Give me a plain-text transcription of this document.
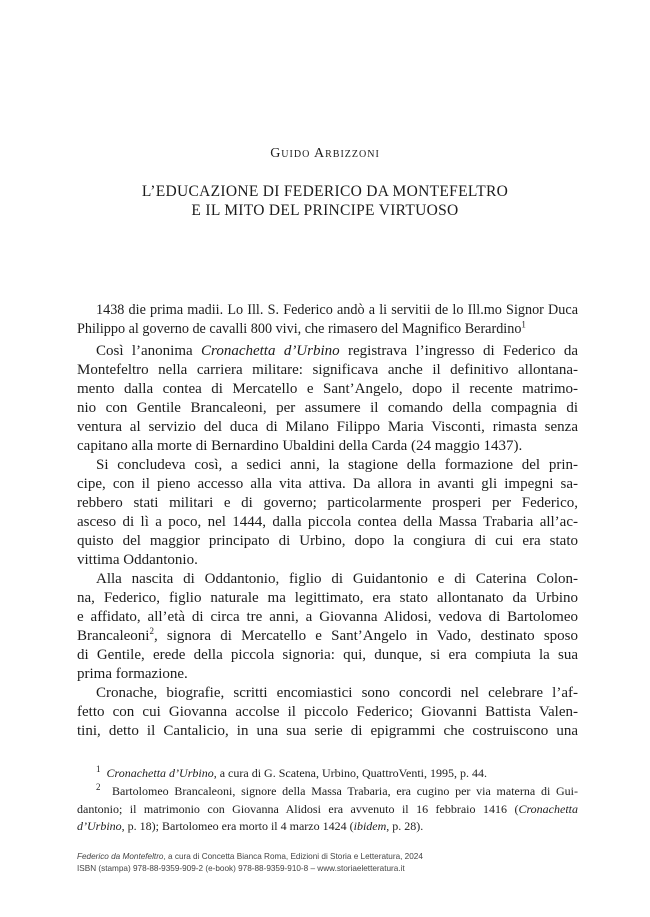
Guido Arbizzoni
L’EDUCAZIONE DI FEDERICO DA MONTEFELTRO
E IL MITO DEL PRINCIPE VIRTUOSO
1438 die prima madii. Lo Ill. S. Federico andò a li servitii de lo Ill.mo Signor Duca
Philippo al governo de cavalli 800 vivi, che rimasero del Magnifico Berardino$^1$
Così l’anonima Cronachetta d’Urbino registrava l’ingresso di Federico da
Montefeltro nella carriera militare: significava anche il definitivo allontana-
mento dalla contea di Mercatello e Sant’Angelo, dopo il recente matrimo-
nio con Gentile Brancaleoni, per assumere il comando della compagnia di
ventura al servizio del duca di Milano Filippo Maria Visconti, rimasta senza
capitano alla morte di Bernardino Ubaldini della Carda (24 maggio 1437).
Si concludeva così, a sedici anni, la stagione della formazione del prin-
cipe, con il pieno accesso alla vita attiva. Da allora in avanti gli impegni sa-
rebbero stati militari e di governo; particolarmente prosperi per Federico,
asceso di lì a poco, nel 1444, dalla piccola contea della Massa Trabaria all’ac-
quisto del maggior principato di Urbino, dopo la congiura di cui era stato
vittima Oddantonio.
Alla nascita di Oddantonio, figlio di Guidantonio e di Caterina Colon-
na, Federico, figlio naturale ma legittimato, era stato allontanato da Urbino
e affidato, all’età di circa tre anni, a Giovanna Alidosi, vedova di Bartolomeo
Brancaleoni$^2$, signora di Mercatello e Sant’Angelo in Vado, destinato sposo
di Gentile, erede della piccola signoria: qui, dunque, si era compiuta la sua
prima formazione.
Cronache, biografie, scritti encomiastici sono concordi nel celebrare l’af-
fetto con cui Giovanna accolse il piccolo Federico; Giovanni Battista Valen-
tini, detto il Cantalicio, in una sua serie di epigrammi che costruiscono una
$^1$ Cronachetta d’Urbino, a cura di G. Scatena, Urbino, QuattroVenti, 1995, p. 44.
$^2$ Bartolomeo Brancaleoni, signore della Massa Trabaria, era cugino per via materna di Gui-
dantonio; il matrimonio con Giovanna Alidosi era avvenuto il 16 febbraio 1416 (Cronachetta
d’Urbino, p. 18); Bartolomeo era morto il 4 marzo 1424 (ibidem, p. 28).
Federico da Montefeltro, a cura di Concetta Bianca Roma, Edizioni di Storia e Letteratura, 2024
ISBN (stampa) 978-88-9359-909-2 (e-book) 978-88-9359-910-8 – www.storiaeletteratura.it
